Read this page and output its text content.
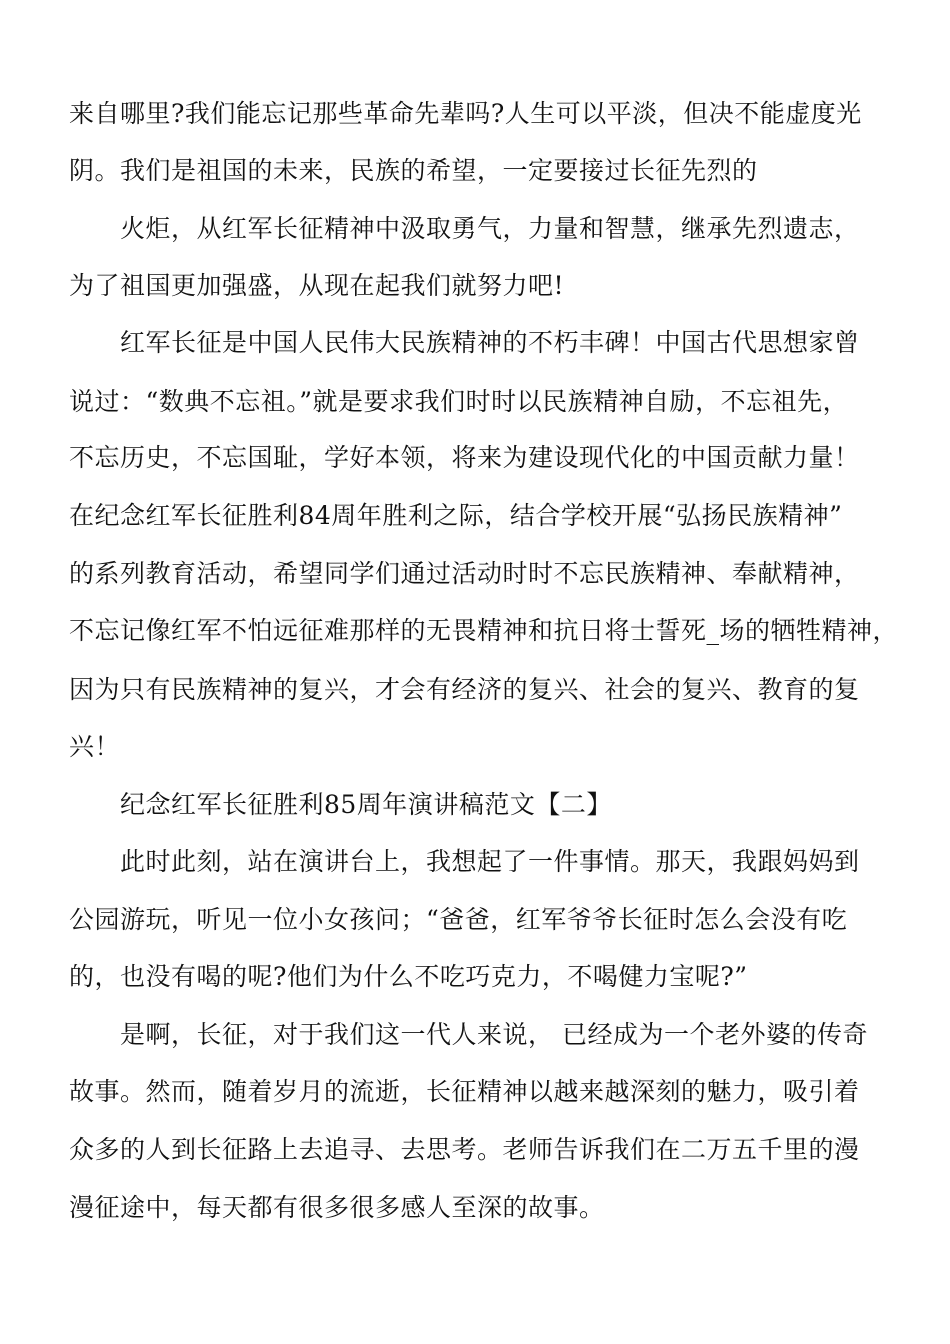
来自哪里?我们能忘记那些革命先辈吗?人生可以平淡，但决不能虚度光
阴。我们是祖国的未来，民族的希望，一定要接过长征先烈的
火炬，从红军长征精神中汲取勇气，力量和智慧，继承先烈遗志，
为了祖国更加强盛，从现在起我们就努力吧!
红军长征是中国人民伟大民族精神的不朽丰碑！中国古代思想家曾
说过：“数典不忘祖。”就是要求我们时时以民族精神自励，不忘祖先，
不忘历史，不忘国耻，学好本领，将来为建设现代化的中国贡献力量！
在纪念红军长征胜利84周年胜利之际，结合学校开展“弘扬民族精神”
的系列教育活动，希望同学们通过活动时时不忘民族精神、奉献精神，
不忘记像红军不怕远征难那样的无畏精神和抗日将士誓死_场的牺牲精神，
因为只有民族精神的复兴，才会有经济的复兴、社会的复兴、教育的复
兴！
纪念红军长征胜利85周年演讲稿范文【二】
此时此刻，站在演讲台上，我想起了一件事情。那天，我跟妈妈到
公园游玩，听见一位小女孩问；“爸爸，红军爷爷长征时怎么会没有吃
的，也没有喝的呢?他们为什么不吃巧克力，不喝健力宝呢?”
是啊，长征，对于我们这一代人来说， 已经成为一个老外婆的传奇
故事。然而，随着岁月的流逝，长征精神以越来越深刻的魅力，吸引着
众多的人到长征路上去追寻、去思考。老师告诉我们在二万五千里的漫
漫征途中，每天都有很多很多感人至深的故事。
